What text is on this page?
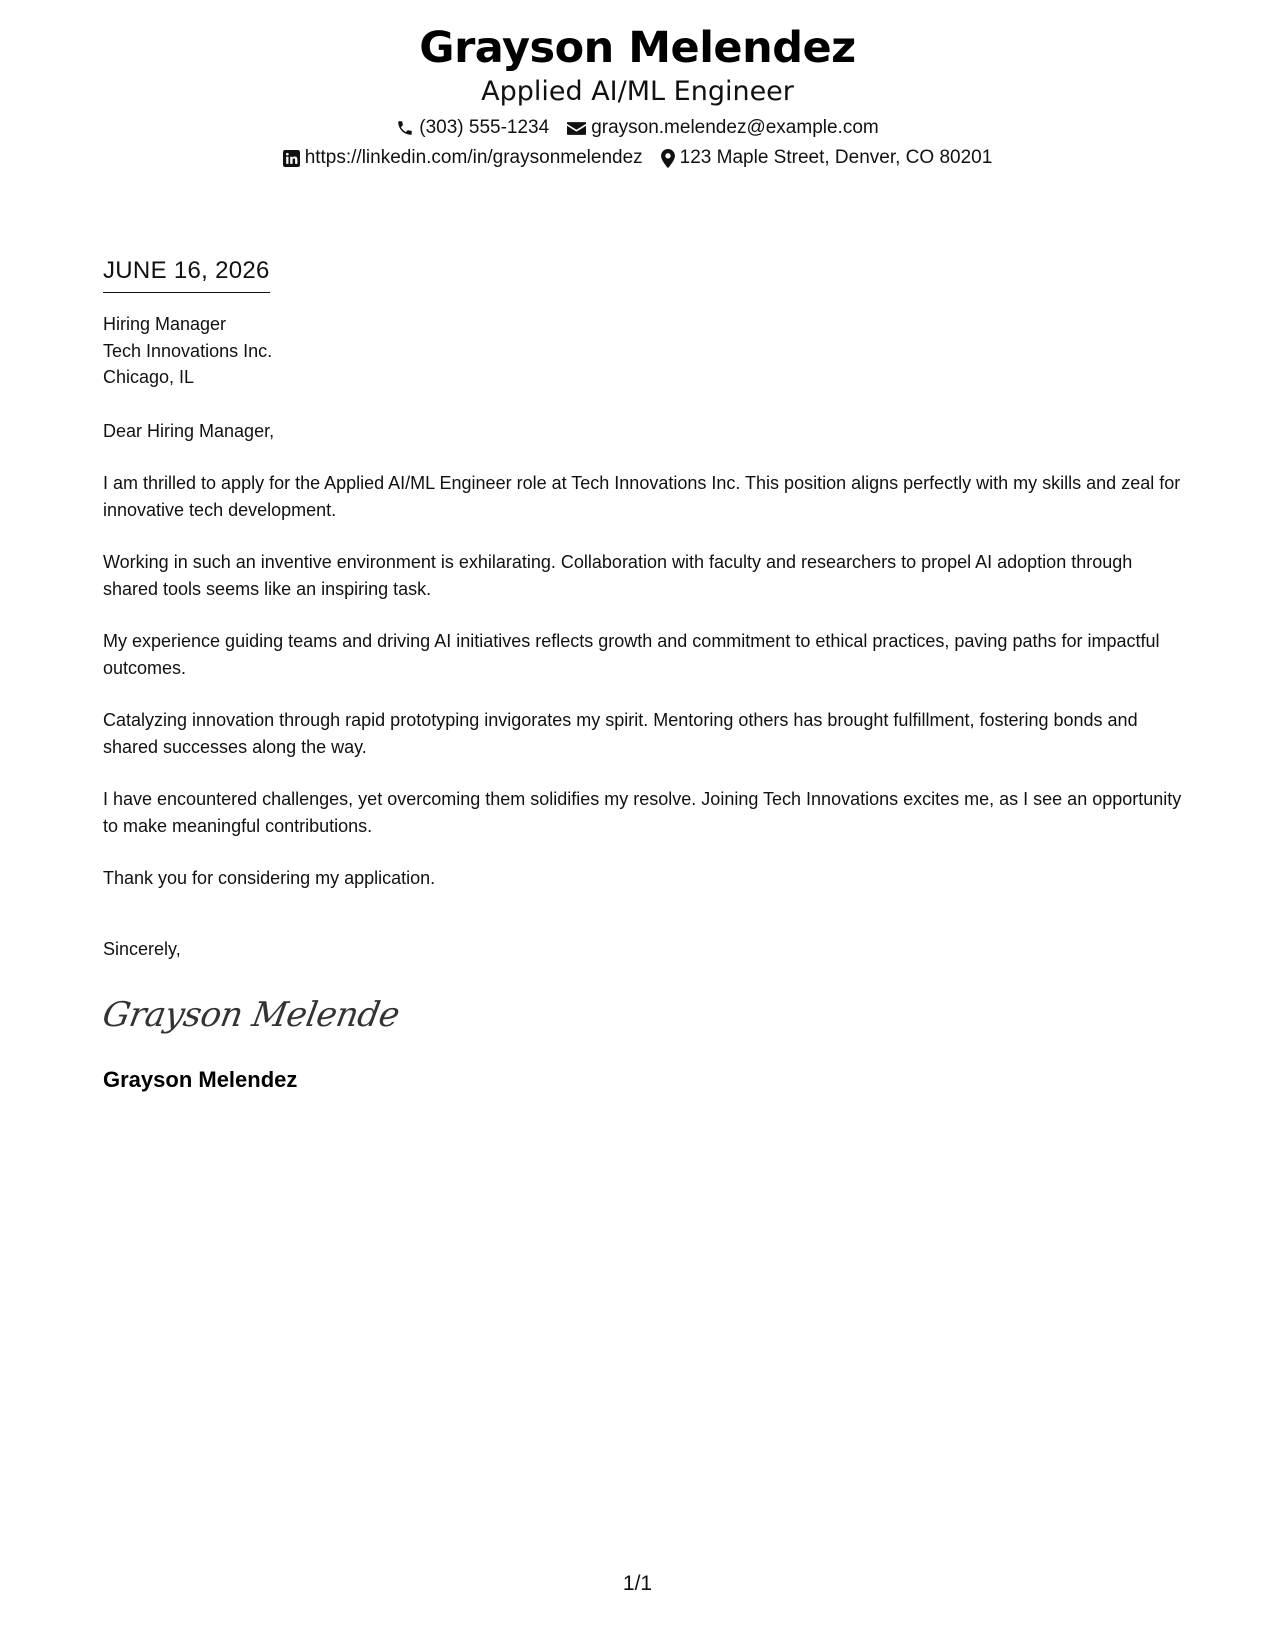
Grayson Melendez
Applied AI/ML Engineer
(303) 555-1234 grayson.melendez@example.com
https://linkedin.com/in/graysonmelendez 123 Maple Street, Denver, CO 80201
JUNE 16, 2026
Hiring Manager
Tech Innovations Inc.
Chicago, IL
Dear Hiring Manager,

I am thrilled to apply for the Applied AI/ML Engineer role at Tech Innovations Inc. This position aligns perfectly with my skills and zeal for innovative tech development.

Working in such an inventive environment is exhilarating. Collaboration with faculty and researchers to propel AI adoption through shared tools seems like an inspiring task.

My experience guiding teams and driving AI initiatives reflects growth and commitment to ethical practices, paving paths for impactful outcomes.

Catalyzing innovation through rapid prototyping invigorates my spirit. Mentoring others has brought fulfillment, fostering bonds and shared successes along the way.

I have encountered challenges, yet overcoming them solidifies my resolve. Joining Tech Innovations excites me, as I see an opportunity to make meaningful contributions.

Thank you for considering my application.

Sincerely,
Grayson Melende
Grayson Melendez
1/1
